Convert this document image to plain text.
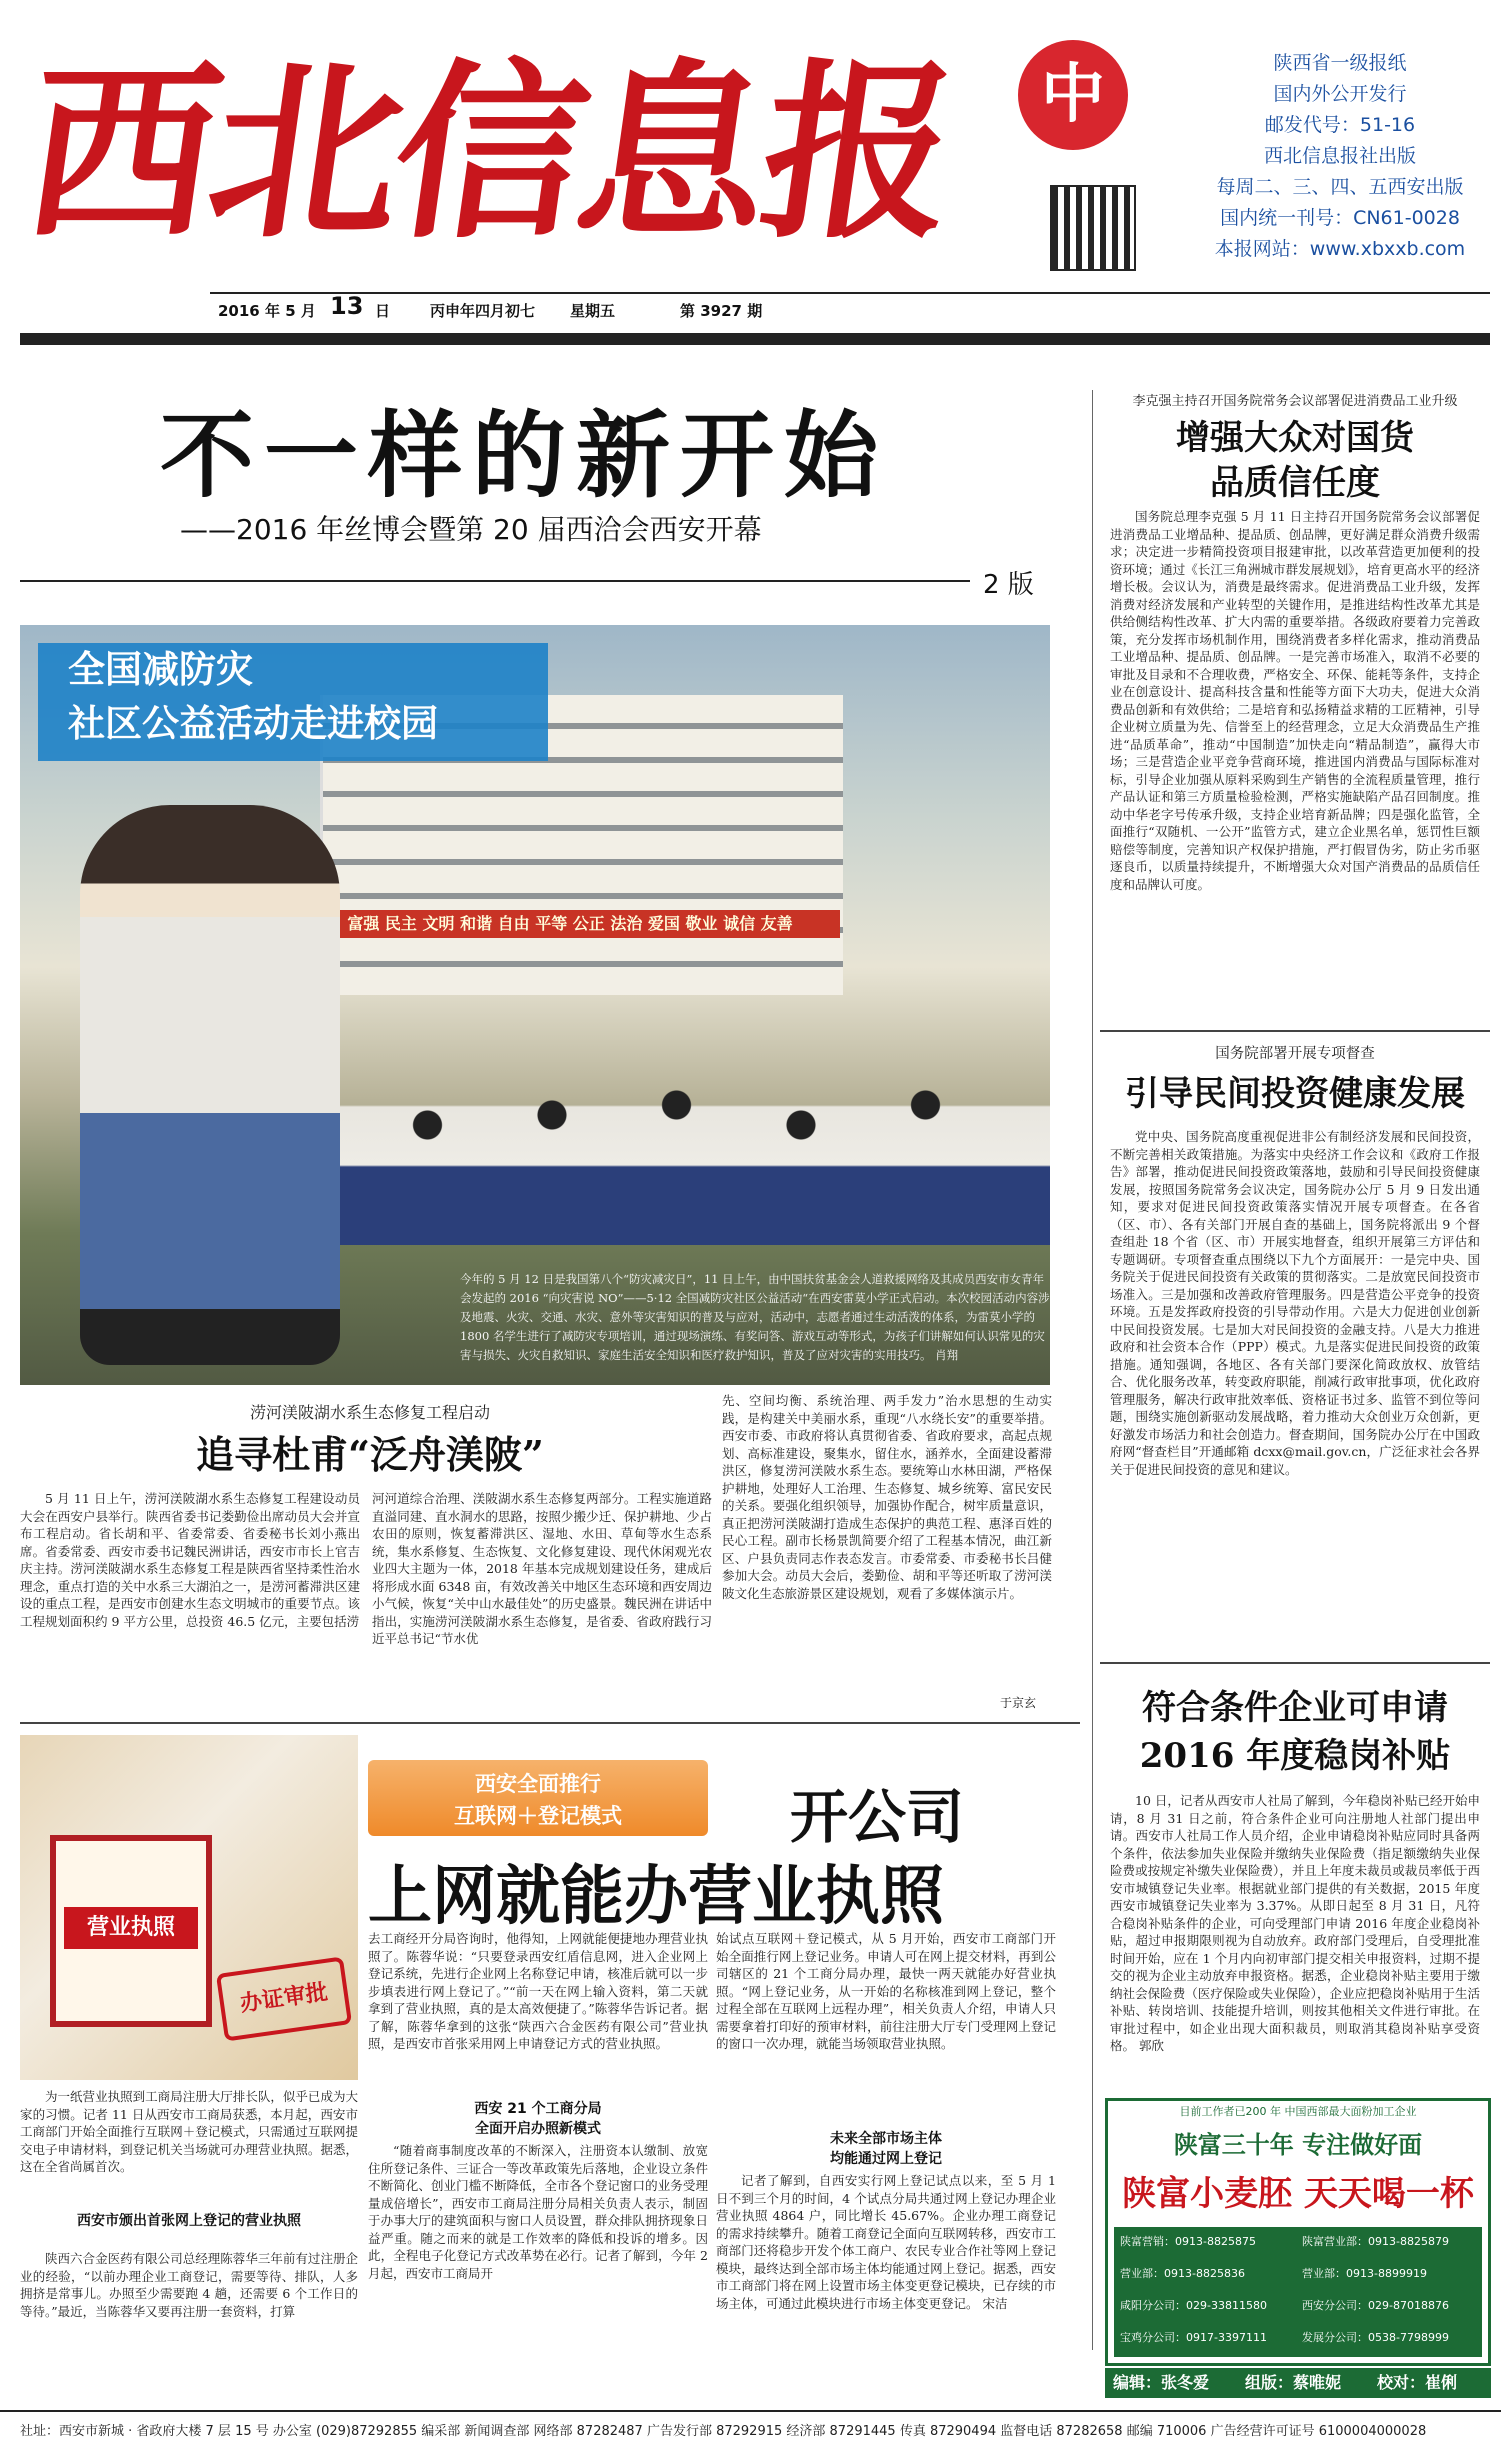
西北信息报	中	陕西省一级报纸
国内外公开发行
邮发代号：51-16
西北信息报社出版
每周二、三、四、五西安出版
国内统一刊号：CN61-0028
本报网站：www.xbxxb.com
2016 年 5 月 13 日	丙申年四月初七 星期五	第 3927 期
不一样的新开始
——2016 年丝博会暨第 20 届西洽会西安开幕
2 版
富强 民主 文明 和谐 自由 平等 公正 法治 爱国 敬业 诚信 友善
全国减防灾
社区公益活动走进校园
今年的 5 月 12 日是我国第八个“防灾减灾日”，11 日上午，由中国扶贫基金会人道救援网络及其成员西安市女青年会发起的 2016 “向灾害说 NO”——5·12 全国减防灾社区公益活动“在西安雷莫小学正式启动。本次校园活动内容涉及地震、火灾、交通、水灾、意外等灾害知识的普及与应对，活动中，志愿者通过生动活泼的体系，为雷莫小学的 1800 名学生进行了减防灾专项培训，通过现场演练、有奖问答、游戏互动等形式，为孩子们讲解如何认识常见的灾害与损失、火灾自救知识、家庭生活安全知识和医疗救护知识，普及了应对灾害的实用技巧。 肖翔
李克强主持召开国务院常务会议部署促进消费品工业升级
增强大众对国货
品质信任度
国务院总理李克强 5 月 11 日主持召开国务院常务会议部署促进消费品工业增品种、提品质、创品牌，更好满足群众消费升级需求；决定进一步精简投资项目报建审批，以改革营造更加便利的投资环境；通过《长江三角洲城市群发展规划》，培育更高水平的经济增长极。会议认为，消费是最终需求。促进消费品工业升级，发挥消费对经济发展和产业转型的关键作用，是推进结构性改革尤其是供给侧结构性改革、扩大内需的重要举措。各级政府要着力完善政策，充分发挥市场机制作用，围绕消费者多样化需求，推动消费品工业增品种、提品质、创品牌。一是完善市场准入，取消不必要的审批及目录和不合理收费，严格安全、环保、能耗等条件，支持企业在创意设计、提高科技含量和性能等方面下大功夫，促进大众消费品创新和有效供给；二是培育和弘扬精益求精的工匠精神，引导企业树立质量为先、信誉至上的经营理念，立足大众消费品生产推进“品质革命”，推动“中国制造”加快走向“精品制造”，赢得大市场；三是营造企业平竞争营商环境，推进国内消费品与国际标准对标，引导企业加强从原料采购到生产销售的全流程质量管理，推行产品认证和第三方质量检验检测，严格实施缺陷产品召回制度。推动中华老字号传承升级，支持企业培育新品牌；四是强化监管，全面推行“双随机、一公开”监管方式，建立企业黑名单，惩罚性巨额赔偿等制度，完善知识产权保护措施，严打假冒伪劣，防止劣币驱逐良币，以质量持续提升，不断增强大众对国产消费品的品质信任度和品牌认可度。
国务院部署开展专项督查
引导民间投资健康发展
党中央、国务院高度重视促进非公有制经济发展和民间投资，不断完善相关政策措施。为落实中央经济工作会议和《政府工作报告》部署，推动促进民间投资政策落地，鼓励和引导民间投资健康发展，按照国务院常务会议决定，国务院办公厅 5 月 9 日发出通知，要求对促进民间投资政策落实情况开展专项督查。在各省（区、市）、各有关部门开展自查的基础上，国务院将派出 9 个督查组赴 18 个省（区、市）开展实地督查，组织开展第三方评估和专题调研。专项督查重点围绕以下九个方面展开：一是完中央、国务院关于促进民间投资有关政策的贯彻落实。二是放宽民间投资市场准入。三是加强和改善政府管理服务。四是营造公平竞争的投资环境。五是发挥政府投资的引导带动作用。六是大力促进创业创新中民间投资发展。七是加大对民间投资的金融支持。八是大力推进政府和社会资本合作（PPP）模式。九是落实促进民间投资的政策措施。通知强调，各地区、各有关部门要深化简政放权、放管结合、优化服务改革，转变政府职能，削减行政审批事项，优化政府管理服务，解决行政审批效率低、资格证书过多、监管不到位等问题，围绕实施创新驱动发展战略，着力推动大众创业万众创新，更好激发市场活力和社会创造力。督查期间，国务院办公厅在中国政府网“督查栏目”开通邮箱 dcxx@mail.gov.cn，广泛征求社会各界关于促进民间投资的意见和建议。
符合条件企业可申请
2016 年度稳岗补贴
10 日，记者从西安市人社局了解到，今年稳岗补贴已经开始申请，8 月 31 日之前，符合条件企业可向注册地人社部门提出申请。西安市人社局工作人员介绍，企业申请稳岗补贴应同时具备两个条件，依法参加失业保险并缴纳失业保险费（指足额缴纳失业保险费或按规定补缴失业保险费），并且上年度未裁员或裁员率低于西安市城镇登记失业率。根据就业部门提供的有关数据，2015 年度西安市城镇登记失业率为 3.37%。从即日起至 8 月 31 日，凡符合稳岗补贴条件的企业，可向受理部门申请 2016 年度企业稳岗补贴，超过申报期限则视为自动放弃。政府部门受理后，自受理批准时间开始，应在 1 个月内向初审部门提交相关申报资料，过期不提交的视为企业主动放弃申报资格。据悉，企业稳岗补贴主要用于缴纳社会保险费（医疗保险或失业保险），企业应把稳岗补贴用于生活补贴、转岗培训、技能提升培训，则按其他相关文件进行审批。在审批过程中，如企业出现大面积裁员，则取消其稳岗补贴享受资格。 郭欣
目前工作者已200 年 中国西部最大面粉加工企业
陕富三十年 专注做好面
陕富小麦胚 天天喝一杯
陕富营销：0913-8825875	陕富营业部：0913-8825879
营业部：0913-8825836	营业部：0913-8899919
咸阳分公司：029-33811580	西安分公司：029-87018876
宝鸡分公司：0917-3397111	发展分公司：0538-7798999
编辑：张冬爱 组版：蔡唯妮 校对：崔俐
涝河渼陂湖水系生态修复工程启动
追寻杜甫“泛舟渼陂”
5 月 11 日上午，涝河渼陂湖水系生态修复工程建设动员大会在西安户县举行。陕西省委书记娄勤俭出席动员大会并宣布工程启动。省长胡和平、省委常委、省委秘书长刘小燕出席。省委常委、西安市委书记魏民洲讲话，西安市市长上官吉庆主持。涝河渼陂湖水系生态修复工程是陕西省坚持柔性治水理念，重点打造的关中水系三大湖泊之一，是涝河蓄滞洪区建设的重点工程，是西安市创建水生态文明城市的重要节点。该工程规划面积约 9 平方公里，总投资 46.5 亿元，主要包括涝
河河道综合治理、渼陂湖水系生态修复两部分。工程实施道路直溢同建、直水洞水的思路，按照少搬少迁、保护耕地、少占农田的原则，恢复蓄滞洪区、湿地、水田、草甸等水生态系统，集水系修复、生态恢复、文化修复建设、现代休闲观光农业四大主题为一体，2018 年基本完成规划建设任务，建成后将形成水面 6348 亩，有效改善关中地区生态环境和西安周边小气候，恢复“关中山水最佳处”的历史盛景。魏民洲在讲话中指出，实施涝河渼陂湖水系生态修复，是省委、省政府践行习近平总书记“节水优
先、空间均衡、系统治理、两手发力”治水思想的生动实践，是构建关中美丽水系，重现“八水绕长安”的重要举措。西安市委、市政府将认真贯彻省委、省政府要求，高起点规划、高标准建设，聚集水，留住水，涵养水，全面建设蓄滞洪区，修复涝河渼陂水系生态。要统筹山水林田湖，严格保护耕地，处理好人工治理、生态修复、城乡统筹、富民安民的关系。要强化组织领导，加强协作配合，树牢质量意识，真正把涝河渼陂湖打造成生态保护的典范工程、惠泽百姓的民心工程。副市长杨景凯简要介绍了工程基本情况，曲江新区、户县负责同志作表态发言。市委常委、市委秘书长吕健参加大会。动员大会后，娄勤俭、胡和平等还听取了涝河渼陂文化生态旅游景区建设规划，观看了多媒体演示片。
于京玄
西安全面推行
互联网＋登记模式	开公司
上网就能办营业执照
营业执照
办证审批
为一纸营业执照到工商局注册大厅排长队，似乎已成为大家的习惯。记者 11 日从西安市工商局获悉，本月起，西安市工商部门开始全面推行互联网＋登记模式，只需通过互联网提交电子申请材料，到登记机关当场就可办理营业执照。据悉，这在全省尚属首次。
西安市颁出首张网上登记的营业执照
陕西六合金医药有限公司总经理陈蓉华三年前有过注册企业的经验，“以前办理企业工商登记，需要等待、排队，人多拥挤是常事儿。办照至少需要跑 4 趟，还需要 6 个工作日的等待。”最近，当陈蓉华又要再注册一套资料，打算
去工商经开分局咨询时，他得知，上网就能便捷地办理营业执照了。陈蓉华说：“只要登录西安红盾信息网，进入企业网上登记系统，先进行企业网上名称登记申请，核准后就可以一步步填表进行网上登记了。”“前一天在网上输入资料，第二天就拿到了营业执照，真的是太高效便捷了。”陈蓉华告诉记者。据了解，陈蓉华拿到的这张“陕西六合金医药有限公司”营业执照，是西安市首张采用网上申请登记方式的营业执照。
西安 21 个工商分局
全面开启办照新模式
“随着商事制度改革的不断深入，注册资本认缴制、放宽住所登记条件、三证合一等改革政策先后落地，企业设立条件不断简化、创业门槛不断降低，全市各个登记窗口的业务受理量成倍增长”，西安市工商局注册分局相关负责人表示，制固于办事大厅的建筑面积与窗口人员设置，群众排队拥挤现象日益严重。随之而来的就是工作效率的降低和投诉的增多。因此，全程电子化登记方式改革势在必行。记者了解到，今年 2 月起，西安市工商局开
始试点互联网＋登记模式，从 5 月开始，西安市工商部门开始全面推行网上登记业务。申请人可在网上提交材料，再到公司辖区的 21 个工商分局办理，最快一两天就能办好营业执照。“网上登记业务，从一开始的名称核准到网上登记，整个过程全部在互联网上远程办理”，相关负责人介绍，申请人只需要拿着打印好的预审材料，前往注册大厅专门受理网上登记的窗口一次办理，就能当场领取营业执照。
未来全部市场主体
均能通过网上登记
记者了解到，自西安实行网上登记试点以来，至 5 月 1 日不到三个月的时间，4 个试点分局共通过网上登记办理企业营业执照 4864 户，同比增长 45.67%。企业办理工商登记的需求持续攀升。随着工商登记全面向互联网转移，西安市工商部门还将稳步开发个体工商户、农民专业合作社等网上登记模块，最终达到全部市场主体均能通过网上登记。据悉，西安市工商部门将在网上设置市场主体变更登记模块，已存续的市场主体，可通过此模块进行市场主体变更登记。 宋洁
社址：西安市新城 · 省政府大楼 7 层 15 号 办公室 (029)87292855 编采部 新闻调查部 网络部 87282487 广告发行部 87292915 经济部 87291445 传真 87290494 监督电话 87282658 邮编 710006 广告经营许可证号 6100004000028
